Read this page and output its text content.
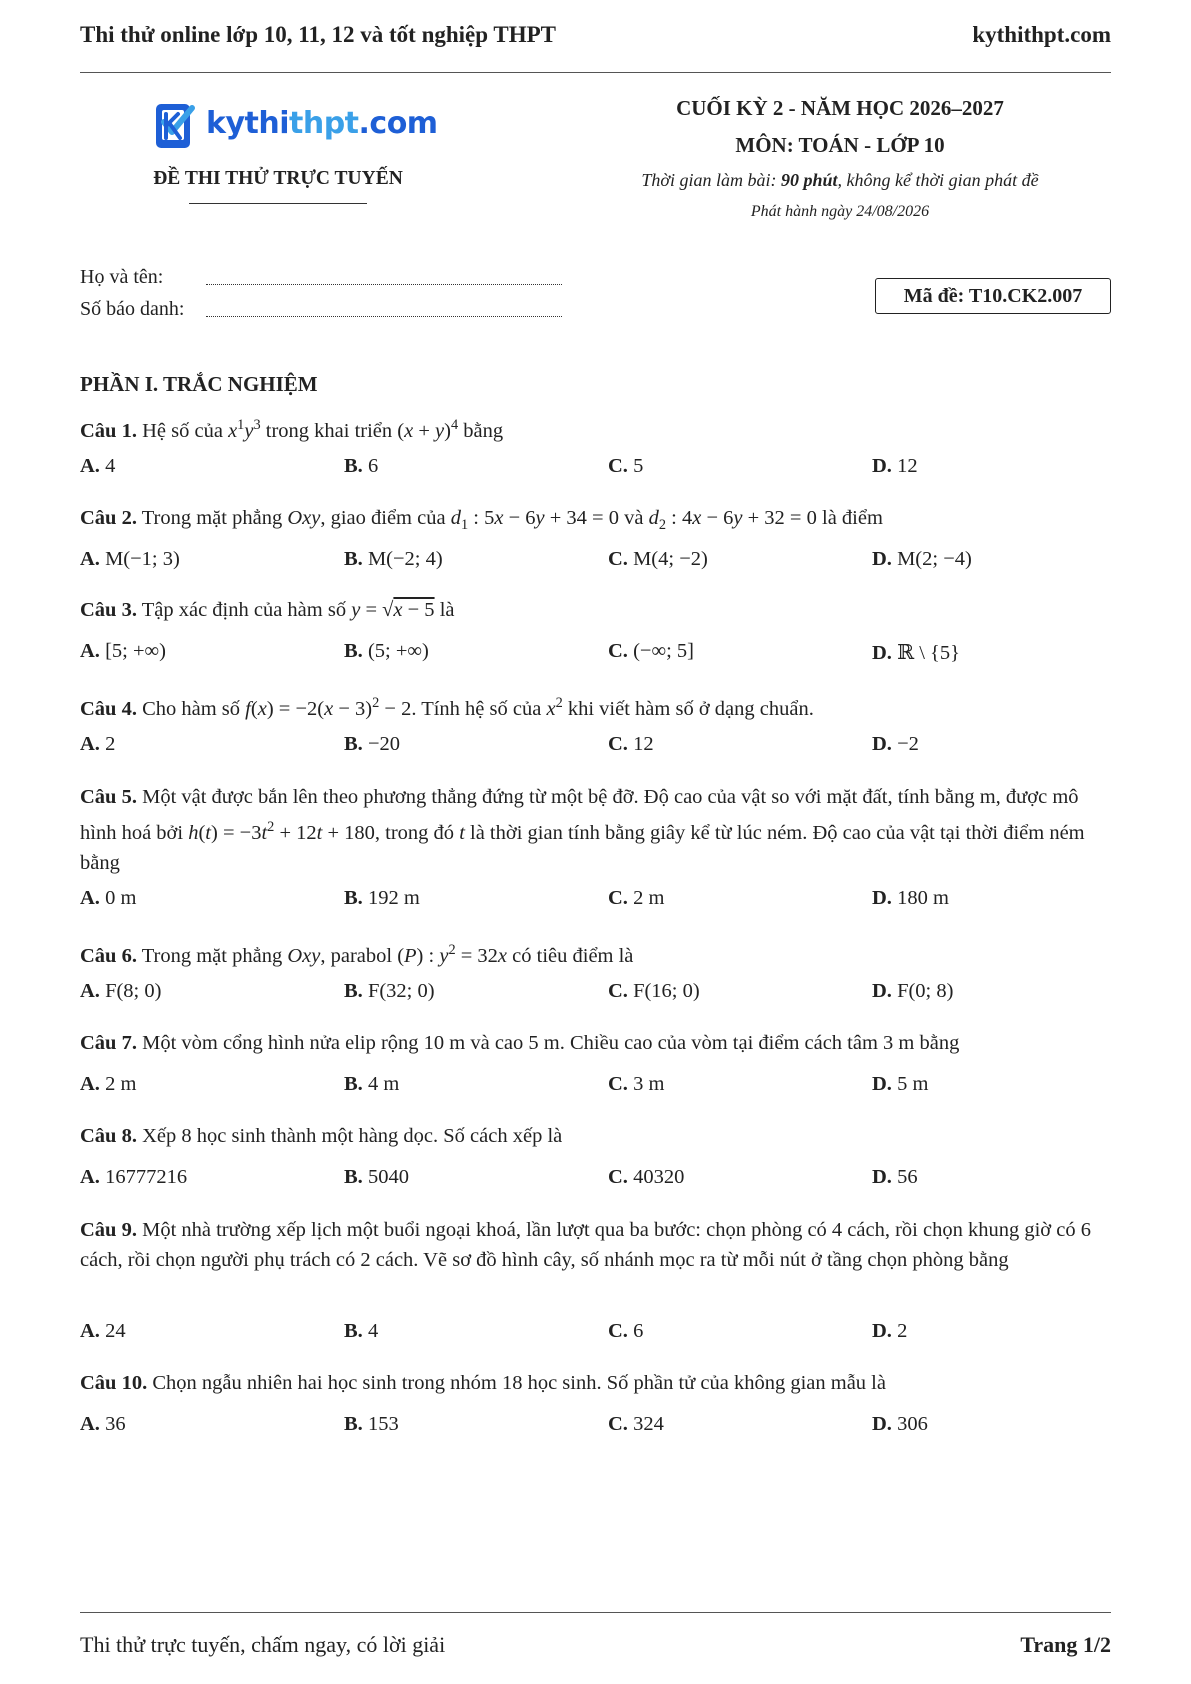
Thi thử online lớp 10, 11, 12 và tốt nghiệp THPT	kythithpt.com
kythithpt.com
ĐỀ THI THỬ TRỰC TUYẾN
CUỐI KỲ 2 - NĂM HỌC 2026–2027
MÔN: TOÁN - LỚP 10
Thời gian làm bài: 90 phút, không kể thời gian phát đề
Phát hành ngày 24/08/2026
Họ và tên:
Số báo danh:
Mã đề: T10.CK2.007
PHẦN I. TRẮC NGHIỆM
Câu 1. Hệ số của $x^1y^3$ trong khai triển $(x + y)^4$ bằng
A. 4	B. 6	C. 5	D. 12
Câu 2. Trong mặt phẳng Oxy, giao điểm của $d_1$ : 5x − 6y + 34 = 0 và $d_2$ : 4x − 6y + 32 = 0 là điểm
A. M(−1; 3)	B. M(−2; 4)	C. M(4; −2)	D. M(2; −4)
Câu 3. Tập xác định của hàm số y = √x − 5 là
A. [5; +∞)	B. (5; +∞)	C. (−∞; 5]	D. ℝ \ {5}
Câu 4. Cho hàm số $f(x) = -2(x - 3)^2 - 2$. Tính hệ số của $x^2$ khi viết hàm số ở dạng chuẩn.
A. 2	B. −20	C. 12	D. −2
Câu 5. Một vật được bắn lên theo phương thẳng đứng từ một bệ đỡ. Độ cao của vật so với mặt đất, tính bằng m, được mô hình hoá bởi $h(t) = -3t^2 + 12t + 180$, trong đó t là thời gian tính bằng giây kể từ lúc ném. Độ cao của vật tại thời điểm ném bằng
A. 0 m	B. 192 m	C. 2 m	D. 180 m
Câu 6. Trong mặt phẳng Oxy, parabol (P) : $y^2 = 32x$ có tiêu điểm là
A. F(8; 0)	B. F(32; 0)	C. F(16; 0)	D. F(0; 8)
Câu 7. Một vòm cổng hình nửa elip rộng 10 m và cao 5 m. Chiều cao của vòm tại điểm cách tâm 3 m bằng
A. 2 m	B. 4 m	C. 3 m	D. 5 m
Câu 8. Xếp 8 học sinh thành một hàng dọc. Số cách xếp là
A. 16777216	B. 5040	C. 40320	D. 56
Câu 9. Một nhà trường xếp lịch một buổi ngoại khoá, lần lượt qua ba bước: chọn phòng có 4 cách, rồi chọn khung giờ có 6 cách, rồi chọn người phụ trách có 2 cách. Vẽ sơ đồ hình cây, số nhánh mọc ra từ mỗi nút ở tầng chọn phòng bằng
A. 24	B. 4	C. 6	D. 2
Câu 10. Chọn ngẫu nhiên hai học sinh trong nhóm 18 học sinh. Số phần tử của không gian mẫu là
A. 36	B. 153	C. 324	D. 306
Thi thử trực tuyến, chấm ngay, có lời giải	Trang 1/2
